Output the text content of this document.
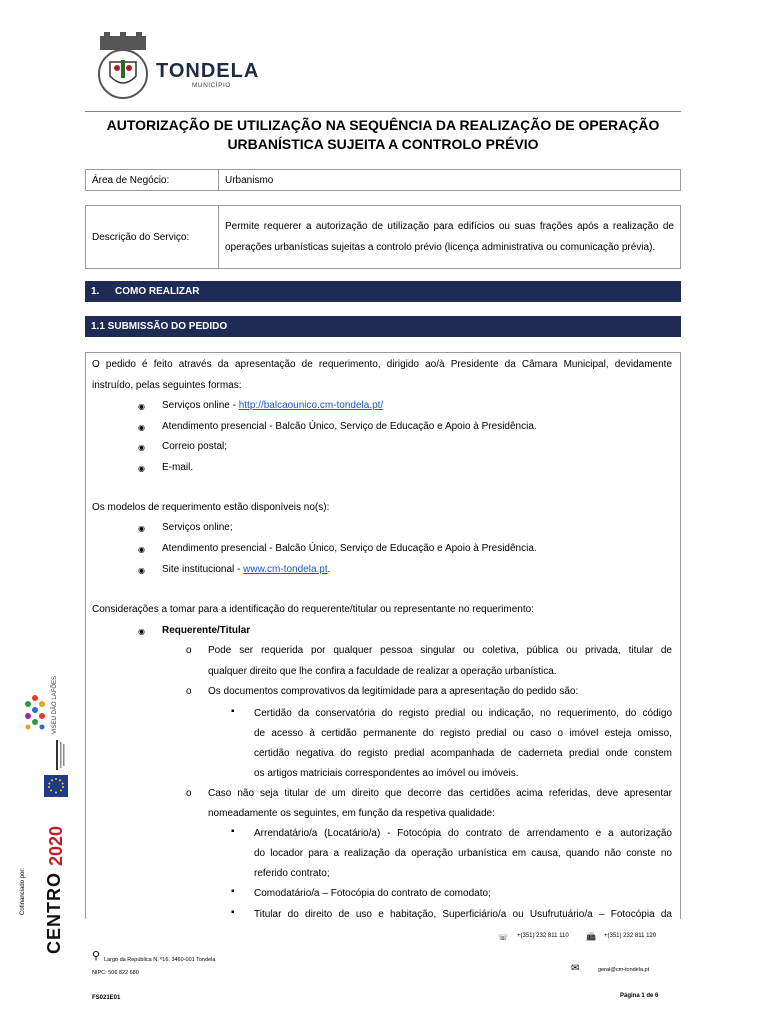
TONDELA
MUNICÍPIO
AUTORIZAÇÃO DE UTILIZAÇÃO NA SEQUÊNCIA DA REALIZAÇÃO DE OPERAÇÃO
URBANÍSTICA SUJEITA A CONTROLO PRÉVIO
Área de Negócio:	Urbanismo
Descrição do Serviço:	Permite requerer a autorização de utilização para edifícios ou suas frações após a realização de operações urbanísticas sujeitas a controlo prévio (licença administrativa ou comunicação prévia).
1. COMO REALIZAR
1.1 SUBMISSÃO DO PEDIDO
O pedido é feito através da apresentação de requerimento, dirigido ao/à Presidente da Câmara Municipal, devidamente
instruído, pelas seguintes formas:
◉ Serviços online - http://balcaounico.cm-tondela.pt/
◉ Atendimento presencial - Balcão Único, Serviço de Educação e Apoio à Presidência.
◉ Correio postal;
◉ E-mail.
Os modelos de requerimento estão disponíveis no(s):
◉ Serviços online;
◉ Atendimento presencial - Balcão Único, Serviço de Educação e Apoio à Presidência.
◉ Site institucional - www.cm-tondela.pt.
Considerações a tomar para a identificação do requerente/titular ou representante no requerimento:
◉ Requerente/Titular
o Pode ser requerida por qualquer pessoa singular ou coletiva, pública ou privada, titular de
qualquer direito que lhe confira a faculdade de realizar a operação urbanística.
o Os documentos comprovativos da legitimidade para a apresentação do pedido são:
▪ Certidão da conservatória do registo predial ou indicação, no requerimento, do código
de acesso à certidão permanente do registo predial ou caso o imóvel esteja omisso,
certidão negativa do registo predial acompanhada de caderneta predial onde constem
os artigos matriciais correspondentes ao imóvel ou imóveis.
o Caso não seja titular de um direito que decorre das certidões acima referidas, deve apresentar
nomeadamente os seguintes, em função da respetiva qualidade:
▪ Arrendatário/a (Locatário/a) - Fotocópia do contrato de arrendamento e a autorização
do locador para a realização da operação urbanística em causa, quando não conste no
referido contrato;
▪ Comodatário/a – Fotocópia do contrato de comodato;
▪ Titular do direito de uso e habitação, Superficiário/a ou Usufrutuário/a – Fotocópia da
Cofinanciado por: CENTRO
2020
VISEU DÃO LAFÕES
☏ +(351) 232 811 110 📠 +(351) 232 811 120
⚲ Largo da República N. º16, 3460-001 Tondela
NIPC: 506 822 680	✉	geral@cm-tondela.pt
FS021E01	Página 1 de 6
